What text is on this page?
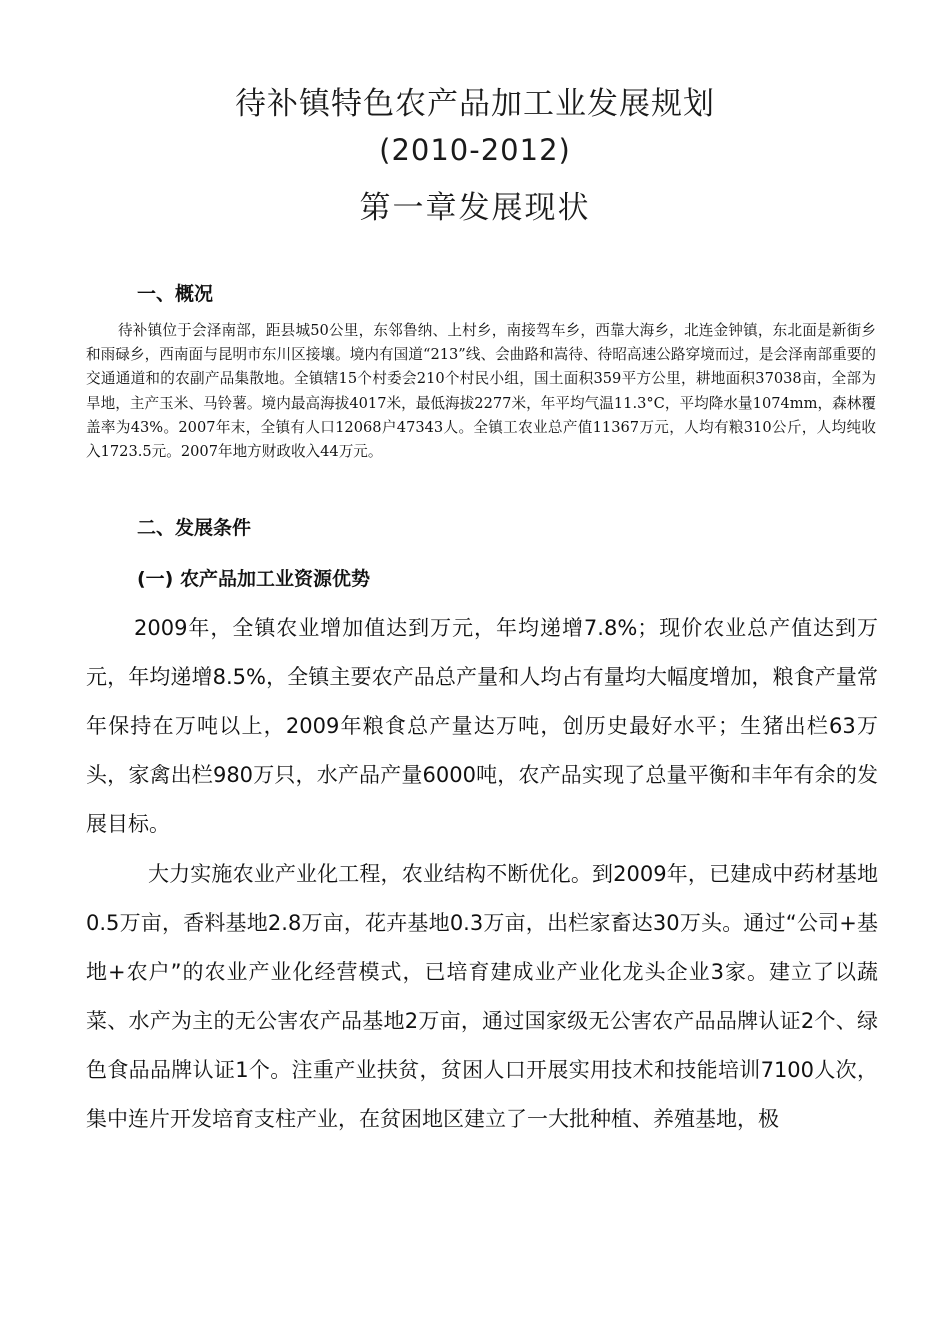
待补镇特色农产品加工业发展规划
(2010-2012)
第一章发展现状
一、概况

待补镇位于会泽南部，距县城50公里，东邻鲁纳、上村乡，南接驾车乡，西靠大海乡，北连金钟镇，东北面是新街乡和雨碌乡，西南面与昆明市东川区接壤。境内有国道“213”线、会曲路和嵩待、待昭高速公路穿境而过，是会泽南部重要的交通通道和的农副产品集散地。全镇辖15个村委会210个村民小组，国土面积359平方公里，耕地面积37038亩，全部为旱地，主产玉米、马铃薯。境内最高海拔4017米，最低海拔2277米，年平均气温11.3°C，平均降水量1074mm，森林覆盖率为43%。2007年末，全镇有人口12068户47343人。全镇工农业总产值11367万元，人均有粮310公斤，人均纯收入1723.5元。2007年地方财政收入44万元。

二、发展条件
(一) 农产品加工业资源优势

2009年，全镇农业增加值达到万元，年均递增7.8%；现价农业总产值达到万元，年均递增8.5%，全镇主要农产品总产量和人均占有量均大幅度增加，粮食产量常年保持在万吨以上，2009年粮食总产量达万吨，创历史最好水平；生猪出栏63万头，家禽出栏980万只，水产品产量6000吨，农产品实现了总量平衡和丰年有余的发展目标。

大力实施农业产业化工程，农业结构不断优化。到2009年，已建成中药材基地0.5万亩，香料基地2.8万亩，花卉基地0.3万亩，出栏家畜达30万头。通过“公司+基地+农户”的农业产业化经营模式，已培育建成业产业化龙头企业3家。建立了以蔬菜、水产为主的无公害农产品基地2万亩，通过国家级无公害农产品品牌认证2个、绿色食品品牌认证1个。注重产业扶贫，贫困人口开展实用技术和技能培训7100人次，集中连片开发培育支柱产业，在贫困地区建立了一大批种植、养殖基地，极
